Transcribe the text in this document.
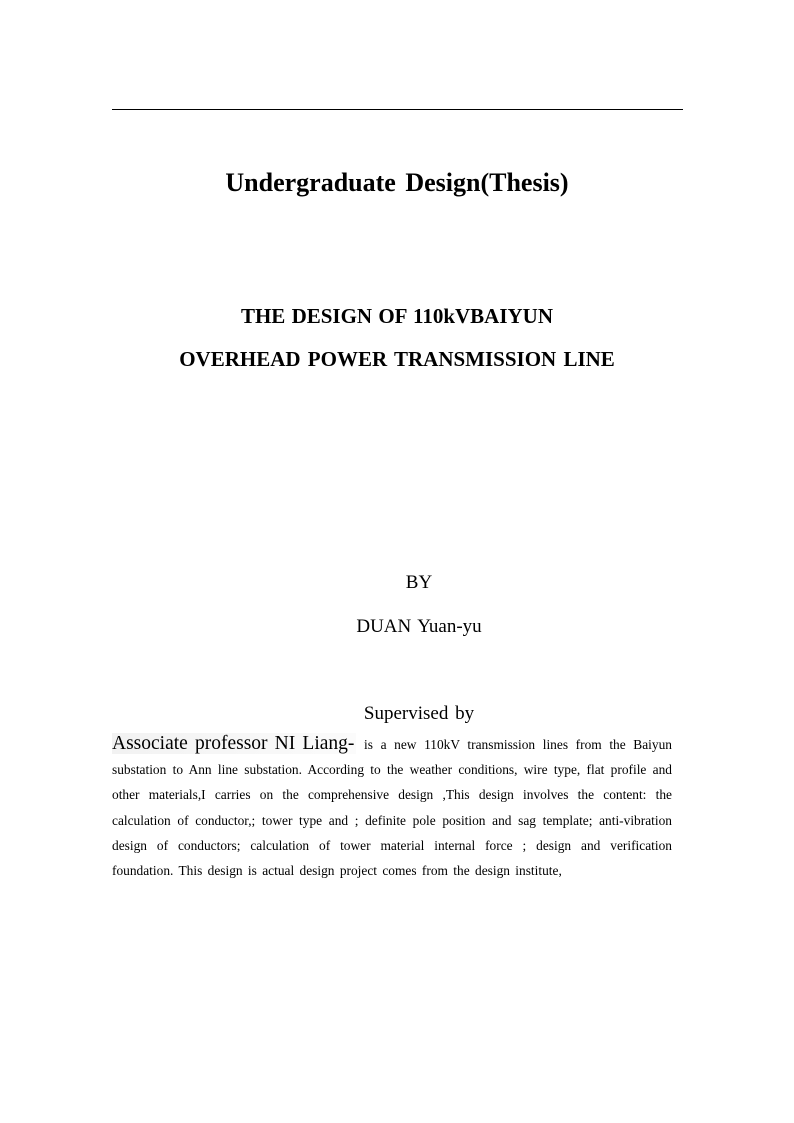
Undergraduate Design(Thesis)
THE DESIGN OF 110kVBAIYUN
OVERHEAD POWER TRANSMISSION LINE
BY
DUAN Yuan-yu
Supervised by
Associate professor NI Liang- is a new 110kV transmission lines from the Baiyun substation to Ann line substation. According to the weather conditions, wire type, flat profile and other materials,I carries on the comprehensive design ,This design involves the content: the calculation of conductor,; tower type and ; definite pole position and sag template; anti-vibration design of conductors; calculation of tower material internal force ; design and verification foundation. This design is actual design project comes from the design institute,
